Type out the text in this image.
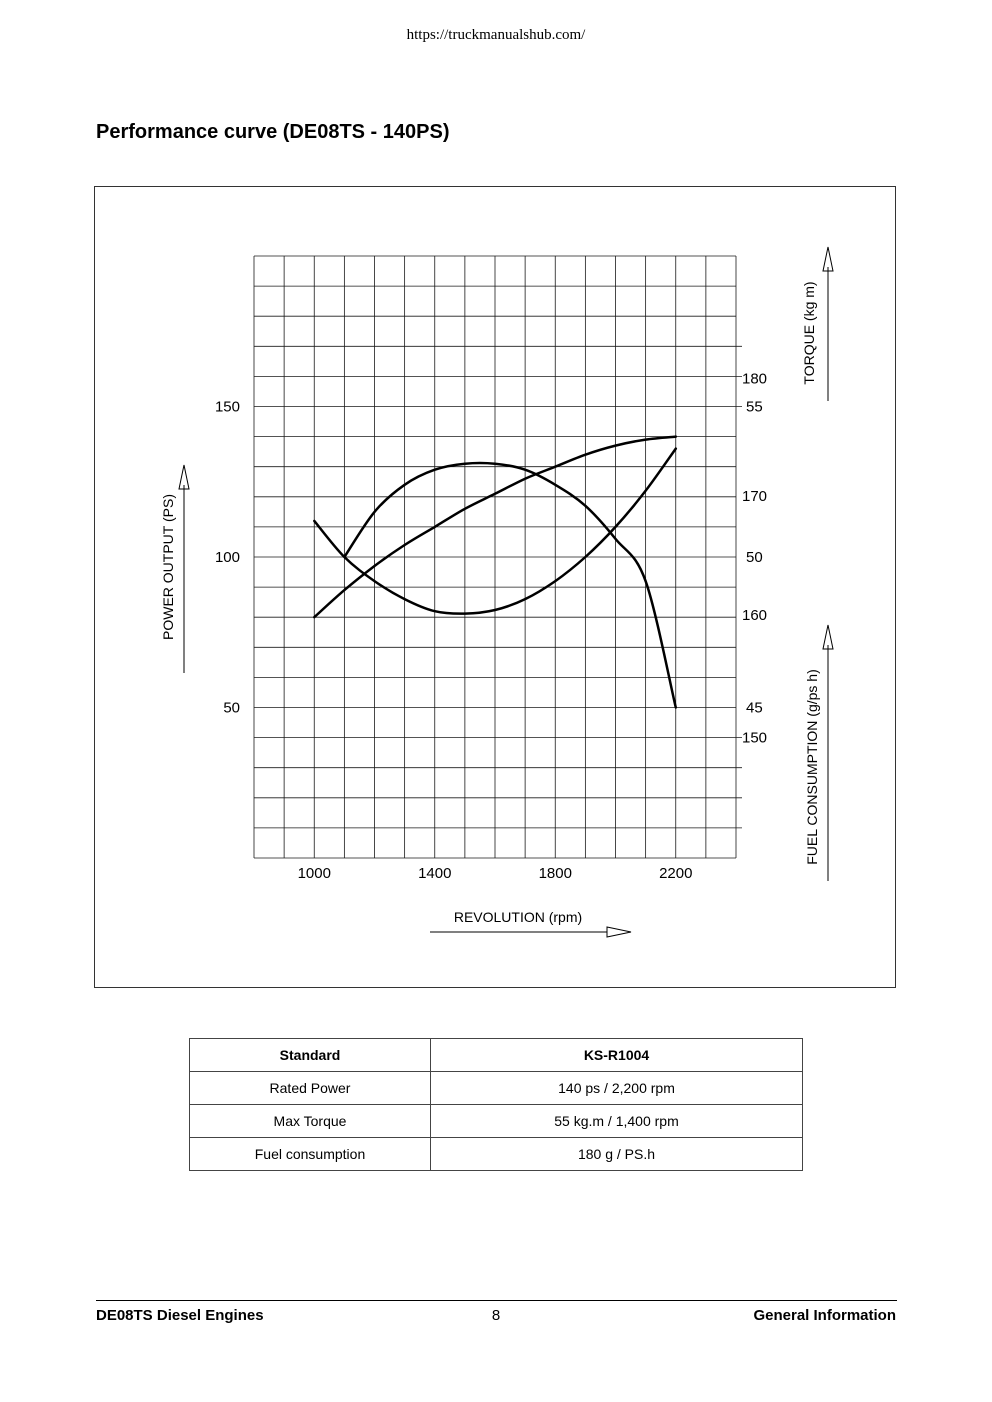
https://truckmanualshub.com/
Performance curve (DE08TS - 140PS)
1000	1400	1800	2200
50
100
150
45
50
55
150
160
170
180
REVOLUTION (rpm)
POWER OUTPUT (PS)
TORQUE (kg m)
FUEL CONSUMPTION (g/ps h)
Standard	KS-R1004
Rated Power	140 ps / 2,200 rpm
Max Torque	55 kg.m / 1,400 rpm
Fuel consumption	180 g / PS.h
DE08TS Diesel Engines	8	General Information
